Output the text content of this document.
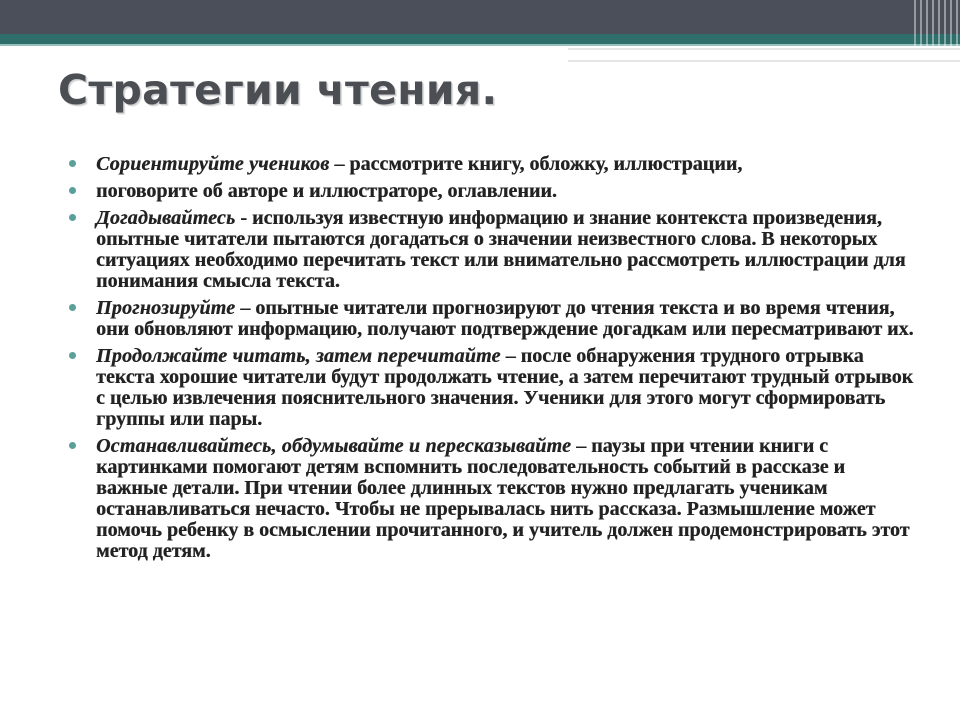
Стратегии чтения.
Сориентируйте учеников – рассмотрите книгу, обложку, иллюстрации,
поговорите об авторе и иллюстраторе, оглавлении.
Догадывайтесь - используя известную информацию и знание контекста произведения, опытные читатели пытаются догадаться о значении неизвестного слова. В некоторых ситуациях необходимо перечитать текст или внимательно рассмотреть иллюстрации для понимания смысла текста.
Прогнозируйте – опытные читатели прогнозируют до чтения текста и во время чтения, они обновляют информацию, получают подтверждение догадкам или пересматривают их.
Продолжайте читать, затем перечитайте – после обнаружения трудного отрывка текста хорошие читатели будут продолжать чтение, а затем перечитают трудный отрывок с целью извлечения пояснительного значения. Ученики для этого могут сформировать группы или пары.
Останавливайтесь, обдумывайте и пересказывайте – паузы при чтении книги с картинками помогают детям вспомнить последовательность событий в рассказе и важные детали. При чтении более длинных текстов нужно предлагать ученикам останавливаться нечасто. Чтобы не прерывалась нить рассказа. Размышление может помочь ребенку в осмыслении прочитанного, и учитель должен продемонстрировать этот метод детям.
